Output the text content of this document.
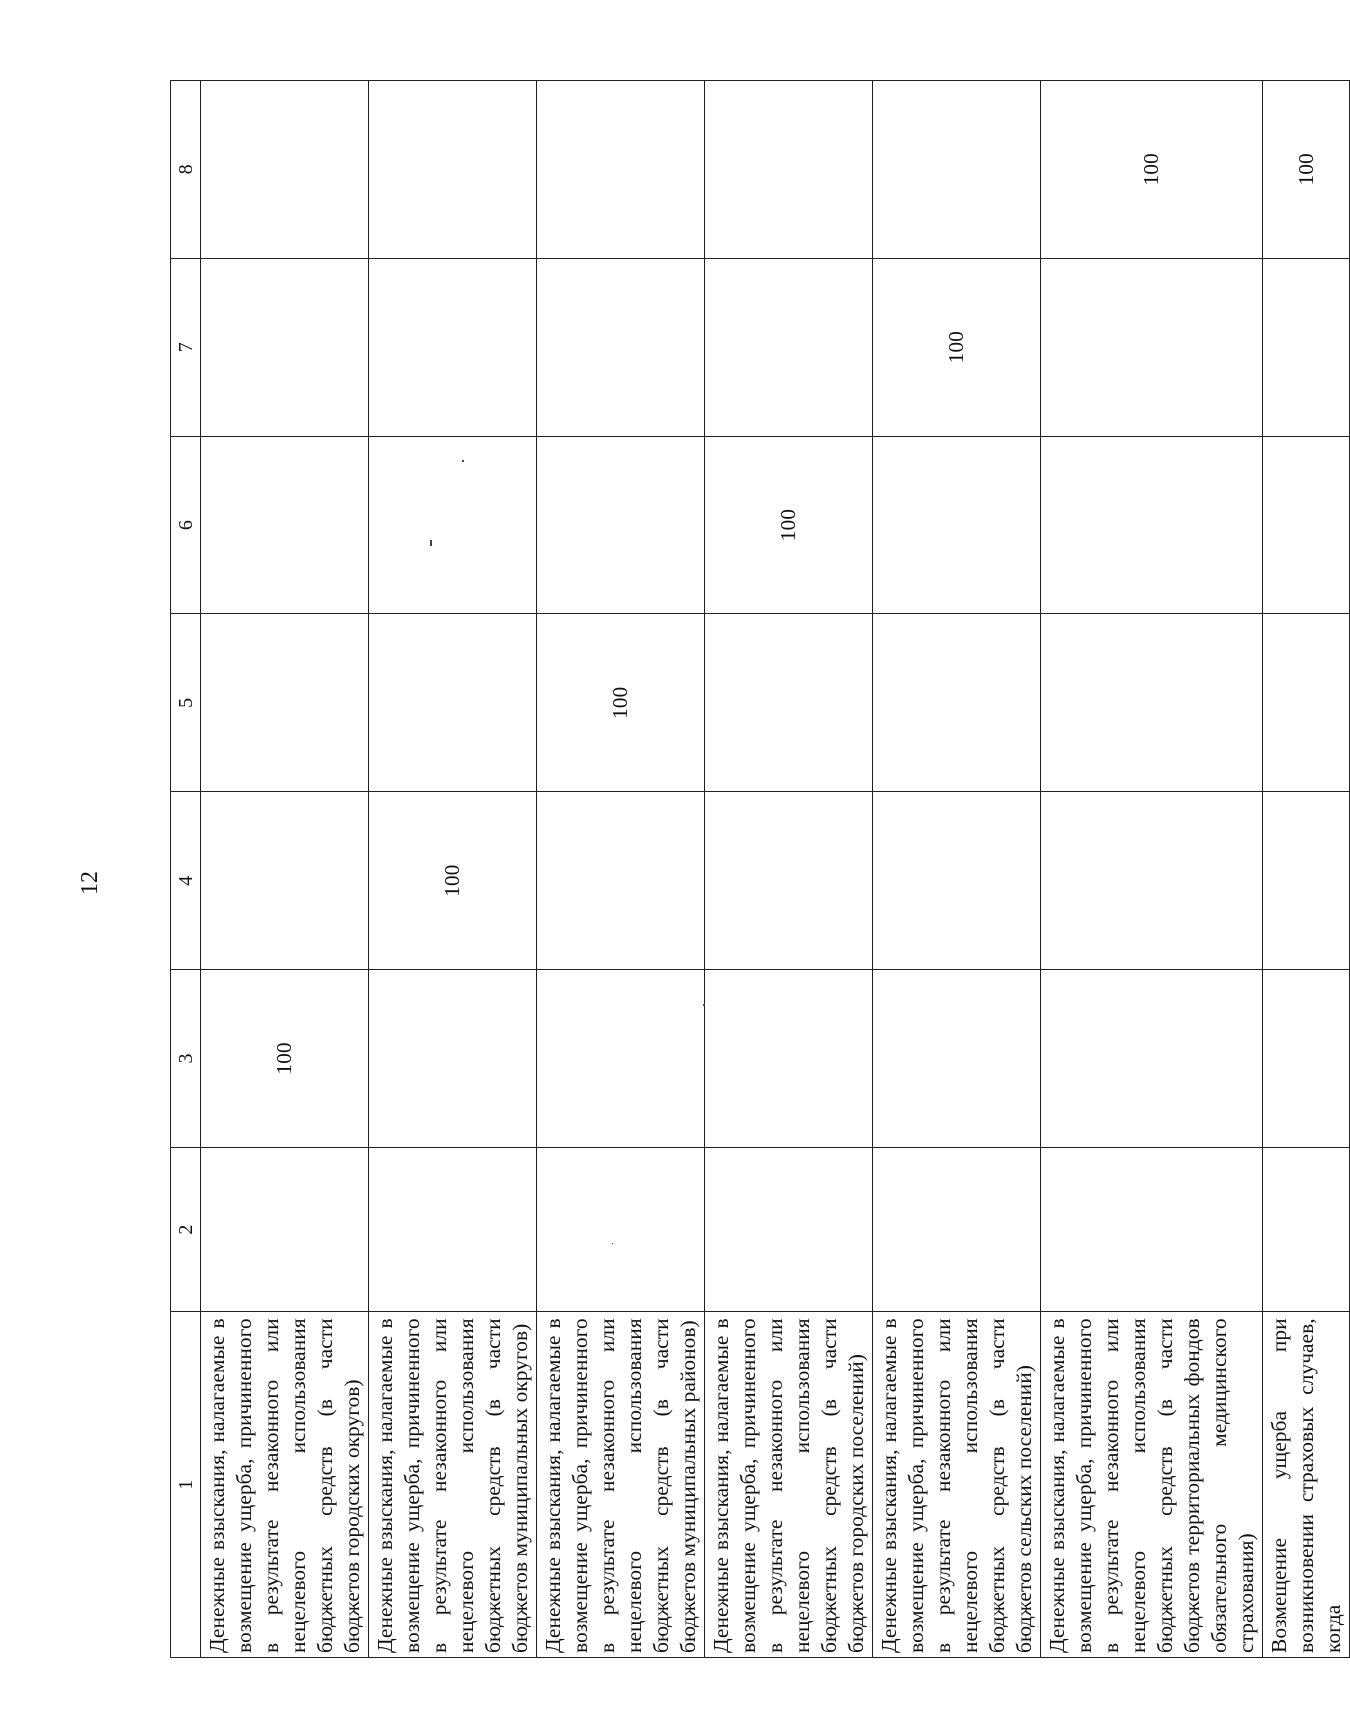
12
1	2	3	4	5	6	7	8

Денежные взыскания, налагаемые в возмещение ущерба, причиненного в результате незаконного или нецелевого использования бюджетных средств (в части бюджетов городских округов)		100					

Денежные взыскания, налагаемые в возмещение ущерба, причиненного в результате незаконного или нецелевого использования бюджетных средств (в части бюджетов муниципальных округов)			100				

Денежные взыскания, налагаемые в возмещение ущерба, причиненного в результате незаконного или нецелевого использования бюджетных средств (в части бюджетов муниципальных районов)				100			

Денежные взыскания, налагаемые в возмещение ущерба, причиненного в результате незаконного или нецелевого использования бюджетных средств (в части бюджетов городских поселений)					100		

Денежные взыскания, налагаемые в возмещение ущерба, причиненного в результате незаконного или нецелевого использования бюджетных средств (в части бюджетов сельских поселений)						100	

Денежные взыскания, налагаемые в возмещение ущерба, причиненного в результате незаконного или нецелевого использования бюджетных средств (в части бюджетов территориальных фондов обязательного медицинского страхования)							100

Возмещение ущерба при возникновении страховых случаев, когда							100
